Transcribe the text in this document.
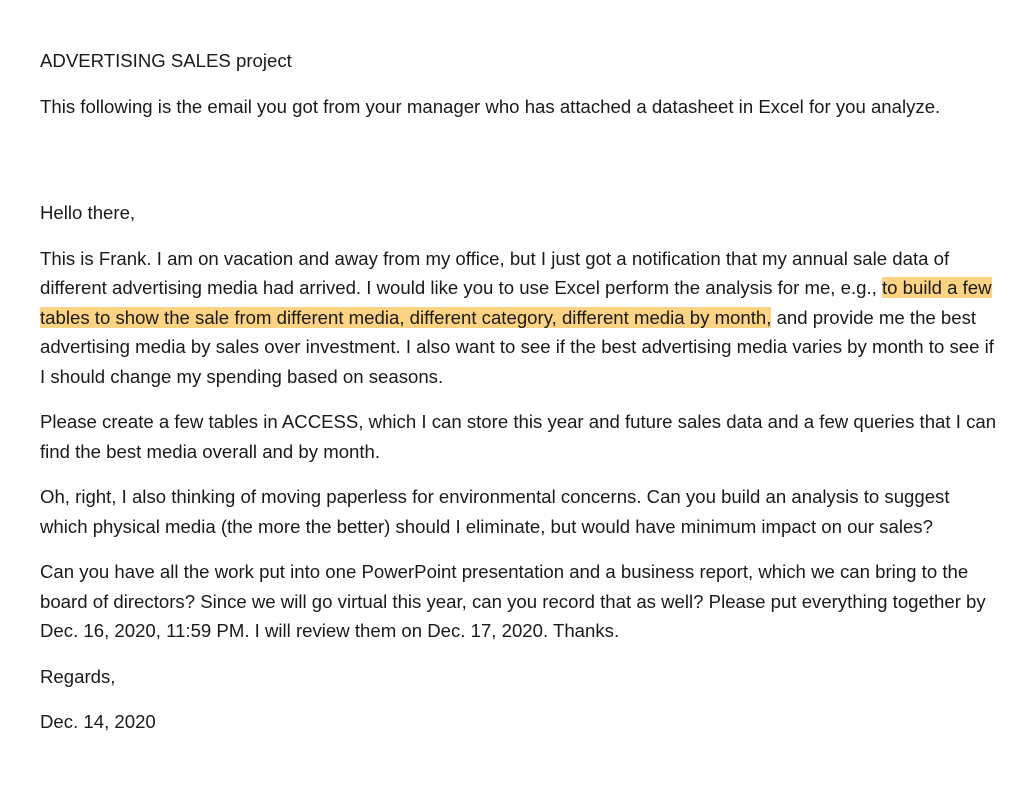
ADVERTISING SALES project

This following is the email you got from your manager who has attached a datasheet in Excel for you analyze.

Hello there,

This is Frank. I am on vacation and away from my office, but I just got a notification that my annual sale data of different advertising media had arrived. I would like you to use Excel perform the analysis for me, e.g., to build a few tables to show the sale from different media, different category, different media by month, and provide me the best advertising media by sales over investment. I also want to see if the best advertising media varies by month to see if I should change my spending based on seasons.

Please create a few tables in ACCESS, which I can store this year and future sales data and a few queries that I can find the best media overall and by month.

Oh, right, I also thinking of moving paperless for environmental concerns. Can you build an analysis to suggest which physical media (the more the better) should I eliminate, but would have minimum impact on our sales?

Can you have all the work put into one PowerPoint presentation and a business report, which we can bring to the board of directors? Since we will go virtual this year, can you record that as well? Please put everything together by Dec. 16, 2020, 11:59 PM. I will review them on Dec. 17, 2020. Thanks.

Regards,

Dec. 14, 2020
